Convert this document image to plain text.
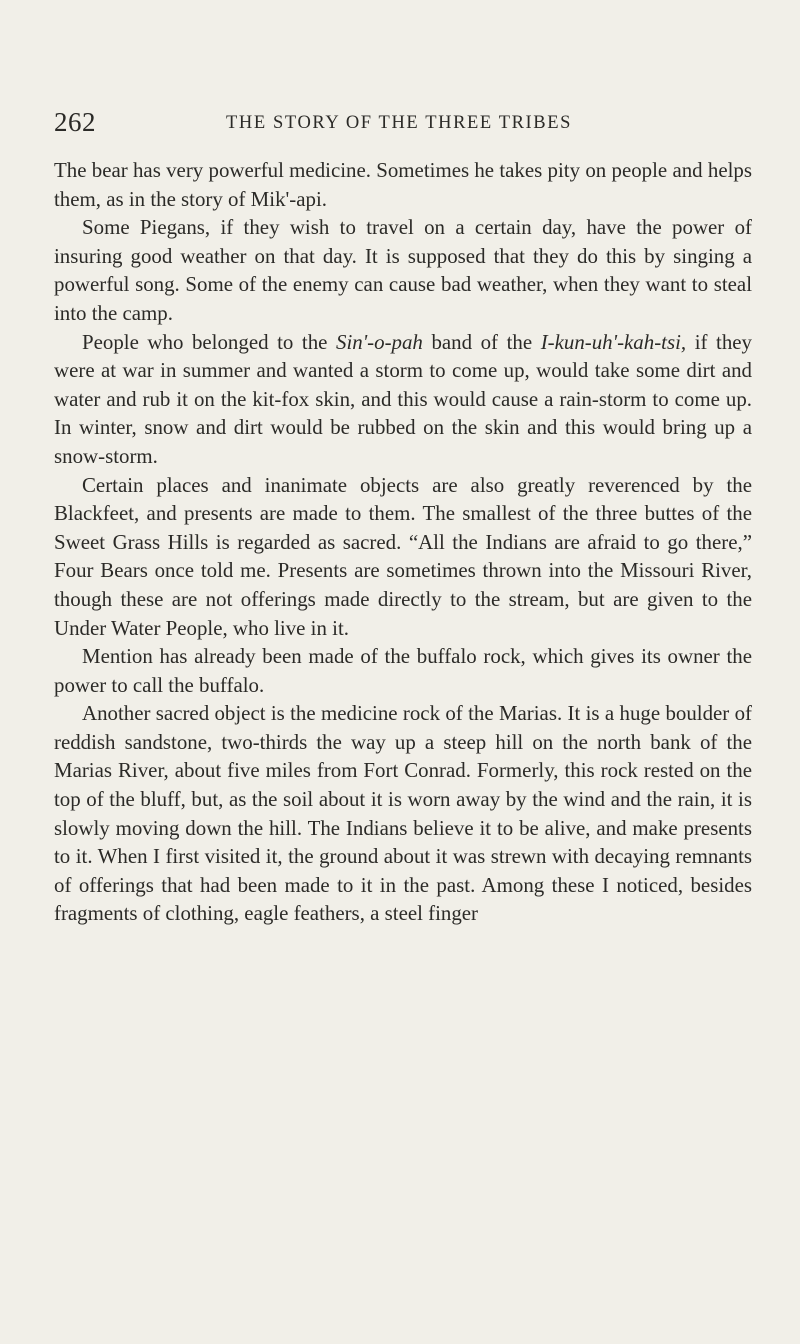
262	THE STORY OF THE THREE TRIBES

The bear has very powerful medicine. Sometimes he takes pity on people and helps them, as in the story of Mik'-api.

Some Piegans, if they wish to travel on a certain day, have the power of insuring good weather on that day. It is supposed that they do this by singing a powerful song. Some of the enemy can cause bad weather, when they want to steal into the camp.

People who belonged to the Sin'-o-pah band of the I-kun-uh'-kah-tsi, if they were at war in summer and wanted a storm to come up, would take some dirt and water and rub it on the kit-fox skin, and this would cause a rain-storm to come up. In winter, snow and dirt would be rubbed on the skin and this would bring up a snow-storm.

Certain places and inanimate objects are also greatly reverenced by the Blackfeet, and presents are made to them. The smallest of the three buttes of the Sweet Grass Hills is regarded as sacred. “All the Indians are afraid to go there,” Four Bears once told me. Presents are sometimes thrown into the Missouri River, though these are not offerings made directly to the stream, but are given to the Under Water People, who live in it.

Mention has already been made of the buffalo rock, which gives its owner the power to call the buffalo.

Another sacred object is the medicine rock of the Marias. It is a huge boulder of reddish sandstone, two-thirds the way up a steep hill on the north bank of the Marias River, about five miles from Fort Conrad. Formerly, this rock rested on the top of the bluff, but, as the soil about it is worn away by the wind and the rain, it is slowly moving down the hill. The Indians believe it to be alive, and make presents to it. When I first visited it, the ground about it was strewn with decaying remnants of offerings that had been made to it in the past. Among these I noticed, besides fragments of clothing, eagle feathers, a steel finger
